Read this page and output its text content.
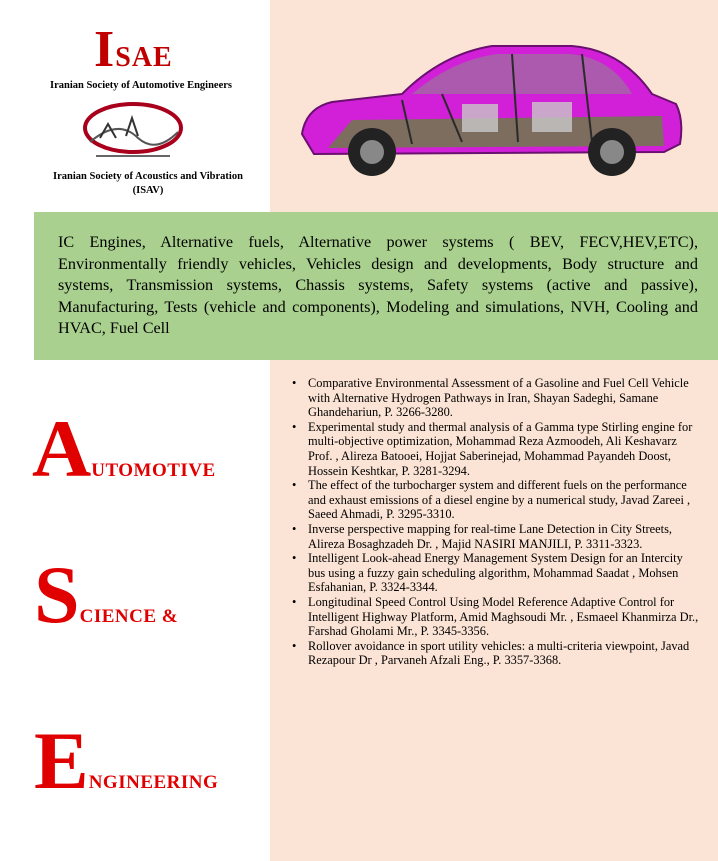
ISAE
Iranian Society of Automotive Engineers
Iranian Society of Acoustics and Vibration
(ISAV)
IC Engines, Alternative fuels, Alternative power systems ( BEV, FECV,HEV,ETC), Environmentally friendly vehicles, Vehicles design and developments, Body structure and systems, Transmission systems, Chassis systems, Safety systems (active and passive), Manufacturing, Tests (vehicle and components), Modeling and simulations, NVH, Cooling and HVAC, Fuel Cell
AUTOMOTIVE
SCIENCE &
ENGINEERING
• Comparative Environmental Assessment of a Gasoline and Fuel Cell Vehicle with Alternative Hydrogen Pathways in Iran, Shayan Sadeghi, Samane Ghandehariun, P. 3266-3280.
• Experimental study and thermal analysis of a Gamma type Stirling engine for multi-objective optimization, Mohammad Reza Azmoodeh, Ali Keshavarz Prof. , Alireza Batooei, Hojjat Saberinejad, Mohammad Payandeh Doost, Hossein Keshtkar, P. 3281-3294.
• The effect of the turbocharger system and different fuels on the performance and exhaust emissions of a diesel engine by a numerical study, Javad Zareei , Saeed Ahmadi, P. 3295-3310.
• Inverse perspective mapping for real-time Lane Detection in City Streets, Alireza Bosaghzadeh Dr. , Majid NASIRI MANJILI, P. 3311-3323.
• Intelligent Look-ahead Energy Management System Design for an Intercity bus using a fuzzy gain scheduling algorithm, Mohammad Saadat , Mohsen Esfahanian, P. 3324-3344.
• Longitudinal Speed Control Using Model Reference Adaptive Control for Intelligent Highway Platform, Amid Maghsoudi Mr. , Esmaeel Khanmirza Dr., Farshad Gholami Mr., P. 3345-3356.
• Rollover avoidance in sport utility vehicles: a multi-criteria viewpoint, Javad Rezapour Dr , Parvaneh Afzali Eng., P. 3357-3368.
